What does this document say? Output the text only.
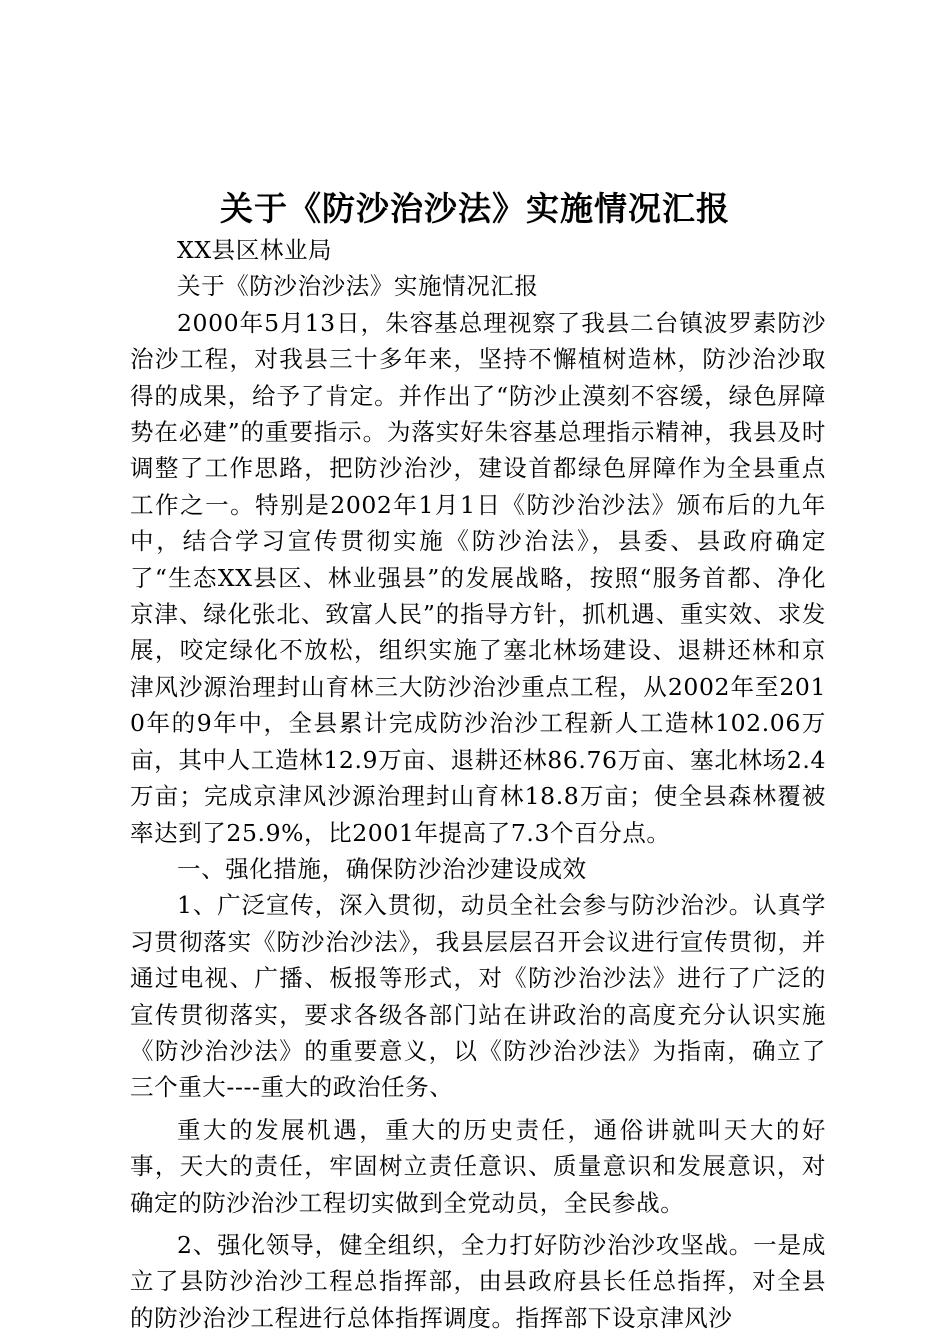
关于《防沙治沙法》实施情况汇报

XX县区林业局

关于《防沙治沙法》实施情况汇报

2000年5月13日，朱容基总理视察了我县二台镇波罗素防沙治沙工程，对我县三十多年来，坚持不懈植树造林，防沙治沙取得的成果，给予了肯定。并作出了“防沙止漠刻不容缓，绿色屏障势在必建”的重要指示。为落实好朱容基总理指示精神，我县及时调整了工作思路，把防沙治沙，建设首都绿色屏障作为全县重点工作之一。特别是2002年1月1日《防沙治沙法》颁布后的九年中，结合学习宣传贯彻实施《防沙治法》，县委、县政府确定了“生态XX县区、林业强县”的发展战略，按照“服务首都、净化京津、绿化张北、致富人民”的指导方针，抓机遇、重实效、求发展，咬定绿化不放松，组织实施了塞北林场建设、退耕还林和京津风沙源治理封山育林三大防沙治沙重点工程，从2002年至2010年的9年中，全县累计完成防沙治沙工程新人工造林102.06万亩，其中人工造林12.9万亩、退耕还林86.76万亩、塞北林场2.4万亩；完成京津风沙源治理封山育林18.8万亩；使全县森林覆被率达到了25.9%，比2001年提高了7.3个百分点。

一、强化措施，确保防沙治沙建设成效

1、广泛宣传，深入贯彻，动员全社会参与防沙治沙。认真学习贯彻落实《防沙治沙法》，我县层层召开会议进行宣传贯彻，并通过电视、广播、板报等形式，对《防沙治沙法》进行了广泛的宣传贯彻落实，要求各级各部门站在讲政治的高度充分认识实施《防沙治沙法》的重要意义，以《防沙治沙法》为指南，确立了三个重大----重大的政治任务、

重大的发展机遇，重大的历史责任，通俗讲就叫天大的好事，天大的责任，牢固树立责任意识、质量意识和发展意识，对确定的防沙治沙工程切实做到全党动员，全民参战。

2、强化领导，健全组织，全力打好防沙治沙攻坚战。一是成立了县防沙治沙工程总指挥部，由县政府县长任总指挥，对全县的防沙治沙工程进行总体指挥调度。指挥部下设京津风沙
